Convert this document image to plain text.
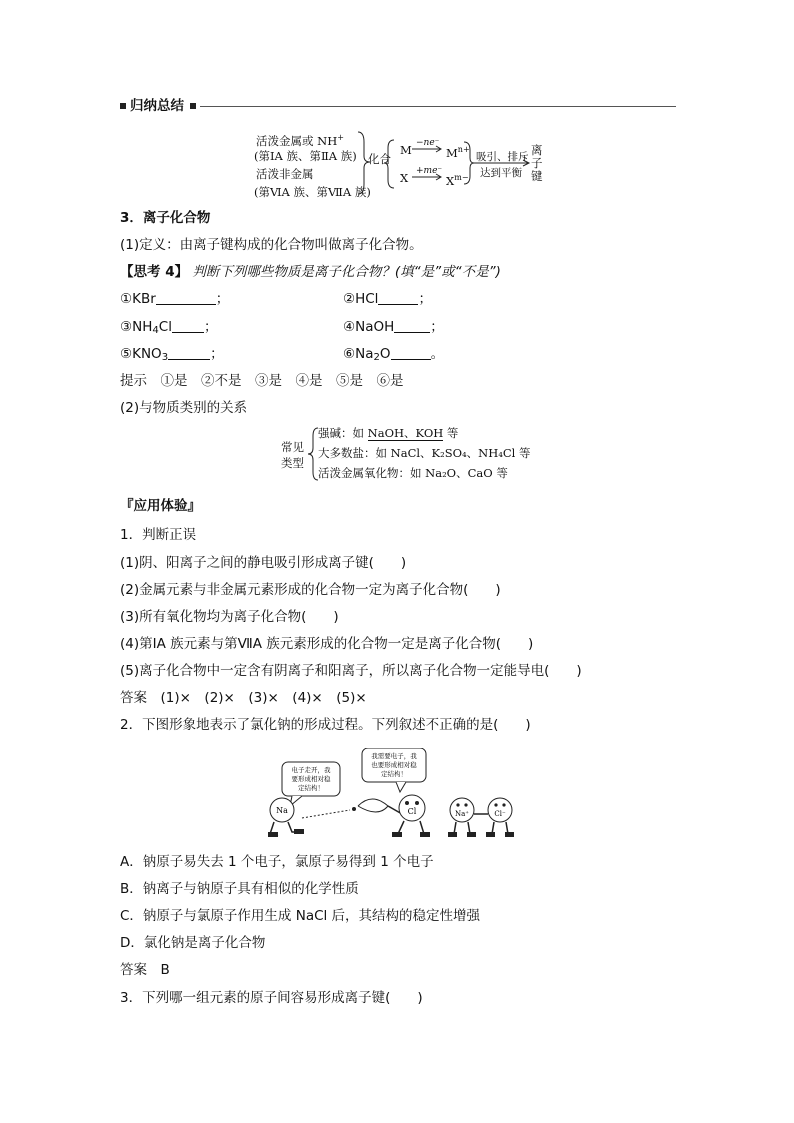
归纳总结
活泼金属或 NH+
(第ⅠA 族、第ⅡA 族)
活泼非金属
(第ⅥA 族、第ⅦA 族)
化合
M −ne⁻
$M^{n+}$
X +me⁻
$X^{m-}$
吸引、排斥
达到平衡
离
子
键
3．离子化合物
(1)定义：由离子键构成的化合物叫做离子化合物。
【思考 4】 判断下列哪些物质是离子化合物？(填“是”或“不是”)
①KBr	；	②HCl	；
③NH4Cl ；	④NaOH	；
⑤KNO3	；	⑥Na2O	。
提示　①是　②不是　③是　④是　⑤是　⑥是
(2)与物质类别的关系
常见
类型
强碱：如 NaOH、KOH 等
大多数盐：如 NaCl、K₂SO₄、NH₄Cl 等
活泼金属氧化物：如 Na₂O、CaO 等
『应用体验』
1．判断正误
(1)阴、阳离子之间的静电吸引形成离子键(　　)
(2)金属元素与非金属元素形成的化合物一定为离子化合物(　　)
(3)所有氧化物均为离子化合物(　　)
(4)第ⅠA 族元素与第ⅦA 族元素形成的化合物一定是离子化合物(　　)
(5)离子化合物中一定含有阴离子和阳离子，所以离子化合物一定能导电(　　)
答案　(1)×　(2)×　(3)×　(4)×　(5)×
2．下图形象地表示了氯化钠的形成过程。下列叙述不正确的是(　　)
电子走开，我
要形成相对稳
定结构！
我需要电子，我
也要形成相对稳
定结构！
Na	Cl	Na⁺	Cl⁻
A．钠原子易失去 1 个电子，氯原子易得到 1 个电子
B．钠离子与钠原子具有相似的化学性质
C．钠原子与氯原子作用生成 NaCl 后，其结构的稳定性增强
D．氯化钠是离子化合物
答案　B
3．下列哪一组元素的原子间容易形成离子键(　　)
